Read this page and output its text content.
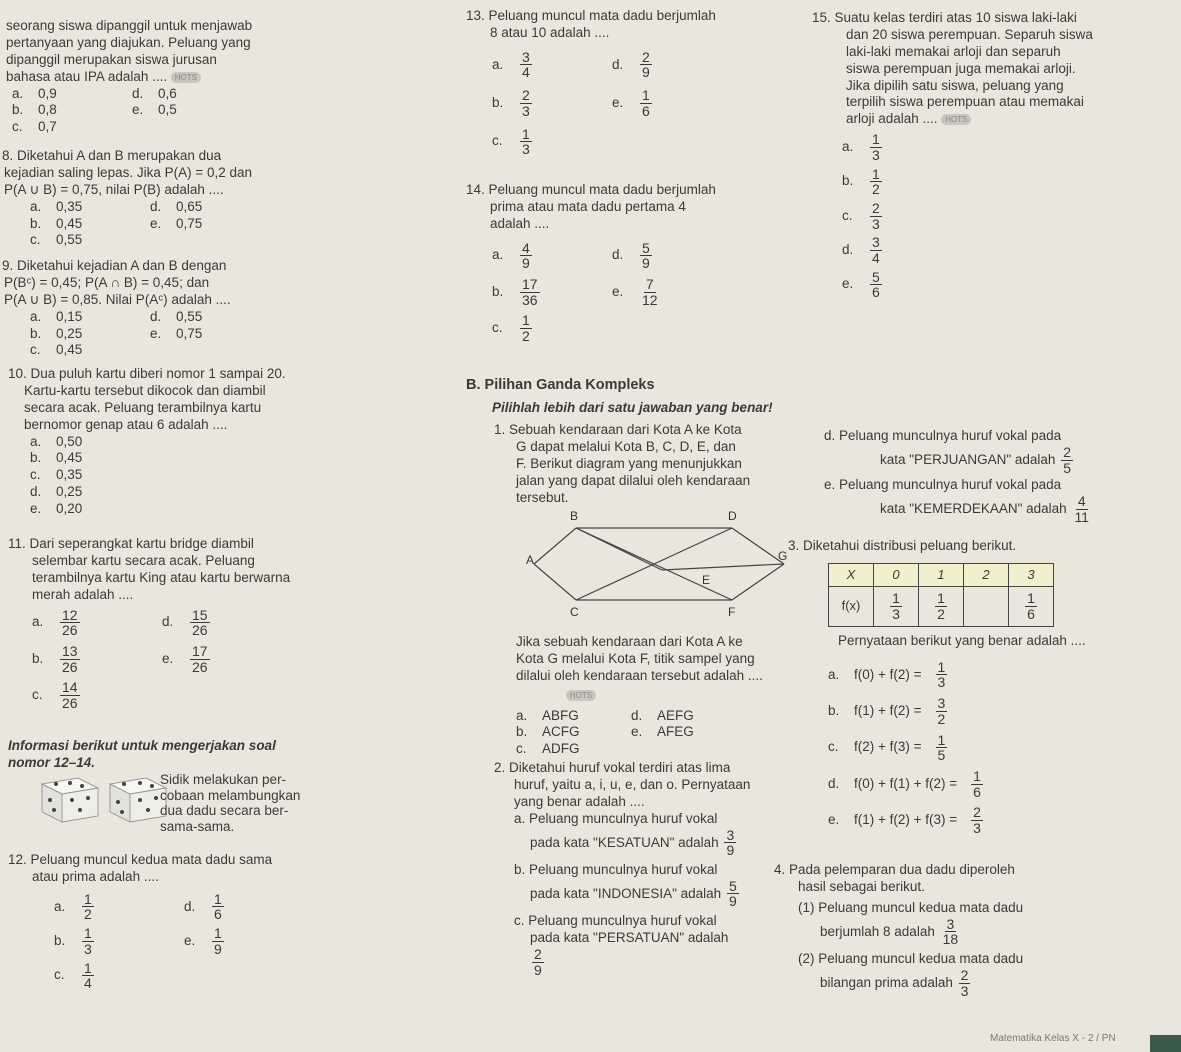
seorang siswa dipanggil untuk menjawab
pertanyaan yang diajukan. Peluang yang
dipanggil merupakan siswa jurusan
bahasa atau IPA adalah .... HOTS
a. 0,9	d. 0,6
b. 0,8	e. 0,5
c. 0,7
8. Diketahui A dan B merupakan dua
kejadian saling lepas. Jika P(A) = 0,2 dan
P(A ∪ B) = 0,75, nilai P(B) adalah ....
a. 0,35	d. 0,65
b. 0,45	e. 0,75
c. 0,55
9. Diketahui kejadian A dan B dengan
P(Bᶜ) = 0,45; P(A ∩ B) = 0,45; dan
P(A ∪ B) = 0,85. Nilai P(Aᶜ) adalah ....
a. 0,15	d. 0,55
b. 0,25	e. 0,75
c. 0,45
10. Dua puluh kartu diberi nomor 1 sampai 20.
Kartu-kartu tersebut dikocok dan diambil
secara acak. Peluang terambilnya kartu
bernomor genap atau 6 adalah ....
a. 0,50
b. 0,45
c. 0,35
d. 0,25
e. 0,20
11. Dari seperangkat kartu bridge diambil
selembar kartu secara acak. Peluang
terambilnya kartu King atau kartu berwarna
merah adalah ....
a. $\frac{12}{26}$	d. $\frac{15}{26}$
b. $\frac{13}{26}$	e. $\frac{17}{26}$
c. $\frac{14}{26}$
Informasi berikut untuk mengerjakan soal
nomor 12–14.
Sidik melakukan per-
cobaan melambungkan
dua dadu secara ber-
sama-sama.
12. Peluang muncul kedua mata dadu sama
atau prima adalah ....
a. $\frac{1}{2}$	d. $\frac{1}{6}$
b. $\frac{1}{3}$	e. $\frac{1}{9}$
c. $\frac{1}{4}$
13. Peluang muncul mata dadu berjumlah
8 atau 10 adalah ....
a. $\frac{3}{4}$	d. $\frac{2}{9}$
b. $\frac{2}{3}$	e. $\frac{1}{6}$
c. $\frac{1}{3}$
14. Peluang muncul mata dadu berjumlah
prima atau mata dadu pertama 4
adalah ....
a. $\frac{4}{9}$	d. $\frac{5}{9}$
b. $\frac{17}{36}$	e. $\frac{7}{12}$
c. $\frac{1}{2}$
B. Pilihan Ganda Kompleks
Pilihlah lebih dari satu jawaban yang benar!
1. Sebuah kendaraan dari Kota A ke Kota
G dapat melalui Kota B, C, D, E, dan
F. Berikut diagram yang menunjukkan
jalan yang dapat dilalui oleh kendaraan
tersebut.
A
B
C
D
E
F
G
Jika sebuah kendaraan dari Kota A ke
Kota G melalui Kota F, titik sampel yang
dilalui oleh kendaraan tersebut adalah ....
HOTS
a. ABFG	d. AEFG
b. ACFG	e. AFEG
c. ADFG
2. Diketahui huruf vokal terdiri atas lima
huruf, yaitu a, i, u, e, dan o. Pernyataan
yang benar adalah ....
a. Peluang munculnya huruf vokal
pada kata "KESATUAN" adalah $\frac{3}{9}$
b. Peluang munculnya huruf vokal
pada kata "INDONESIA" adalah $\frac{5}{9}$
c. Peluang munculnya huruf vokal
pada kata "PERSATUAN" adalah
$\frac{2}{9}$
15. Suatu kelas terdiri atas 10 siswa laki-laki
dan 20 siswa perempuan. Separuh siswa
laki-laki memakai arloji dan separuh
siswa perempuan juga memakai arloji.
Jika dipilih satu siswa, peluang yang
terpilih siswa perempuan atau memakai
arloji adalah .... HOTS
a. $\frac{1}{3}$
b. $\frac{1}{2}$
c. $\frac{2}{3}$
d. $\frac{3}{4}$
e. $\frac{5}{6}$
d. Peluang munculnya huruf vokal pada
kata "PERJUANGAN" adalah $\frac{2}{5}$
e. Peluang munculnya huruf vokal pada
kata "KEMERDEKAAN" adalah $\frac{4}{11}$
3. Diketahui distribusi peluang berikut.
X	0	1	2	3
f(x)	$\frac{1}{3}$	$\frac{1}{2}$		$\frac{1}{6}$
Pernyataan berikut yang benar adalah ....
a. $f(0) + f(2) = \frac{1}{3}$
b. $f(1) + f(2) = \frac{3}{2}$
c. $f(2) + f(3) = \frac{1}{5}$
d. $f(0) + f(1) + f(2) = \frac{1}{6}$
e. $f(1) + f(2) + f(3) = \frac{2}{3}$
4. Pada pelemparan dua dadu diperoleh
hasil sebagai berikut.
(1) Peluang muncul kedua mata dadu
berjumlah 8 adalah $\frac{3}{18}$
(2) Peluang muncul kedua mata dadu
bilangan prima adalah $\frac{2}{3}$
Matematika Kelas X - 2 / PN
